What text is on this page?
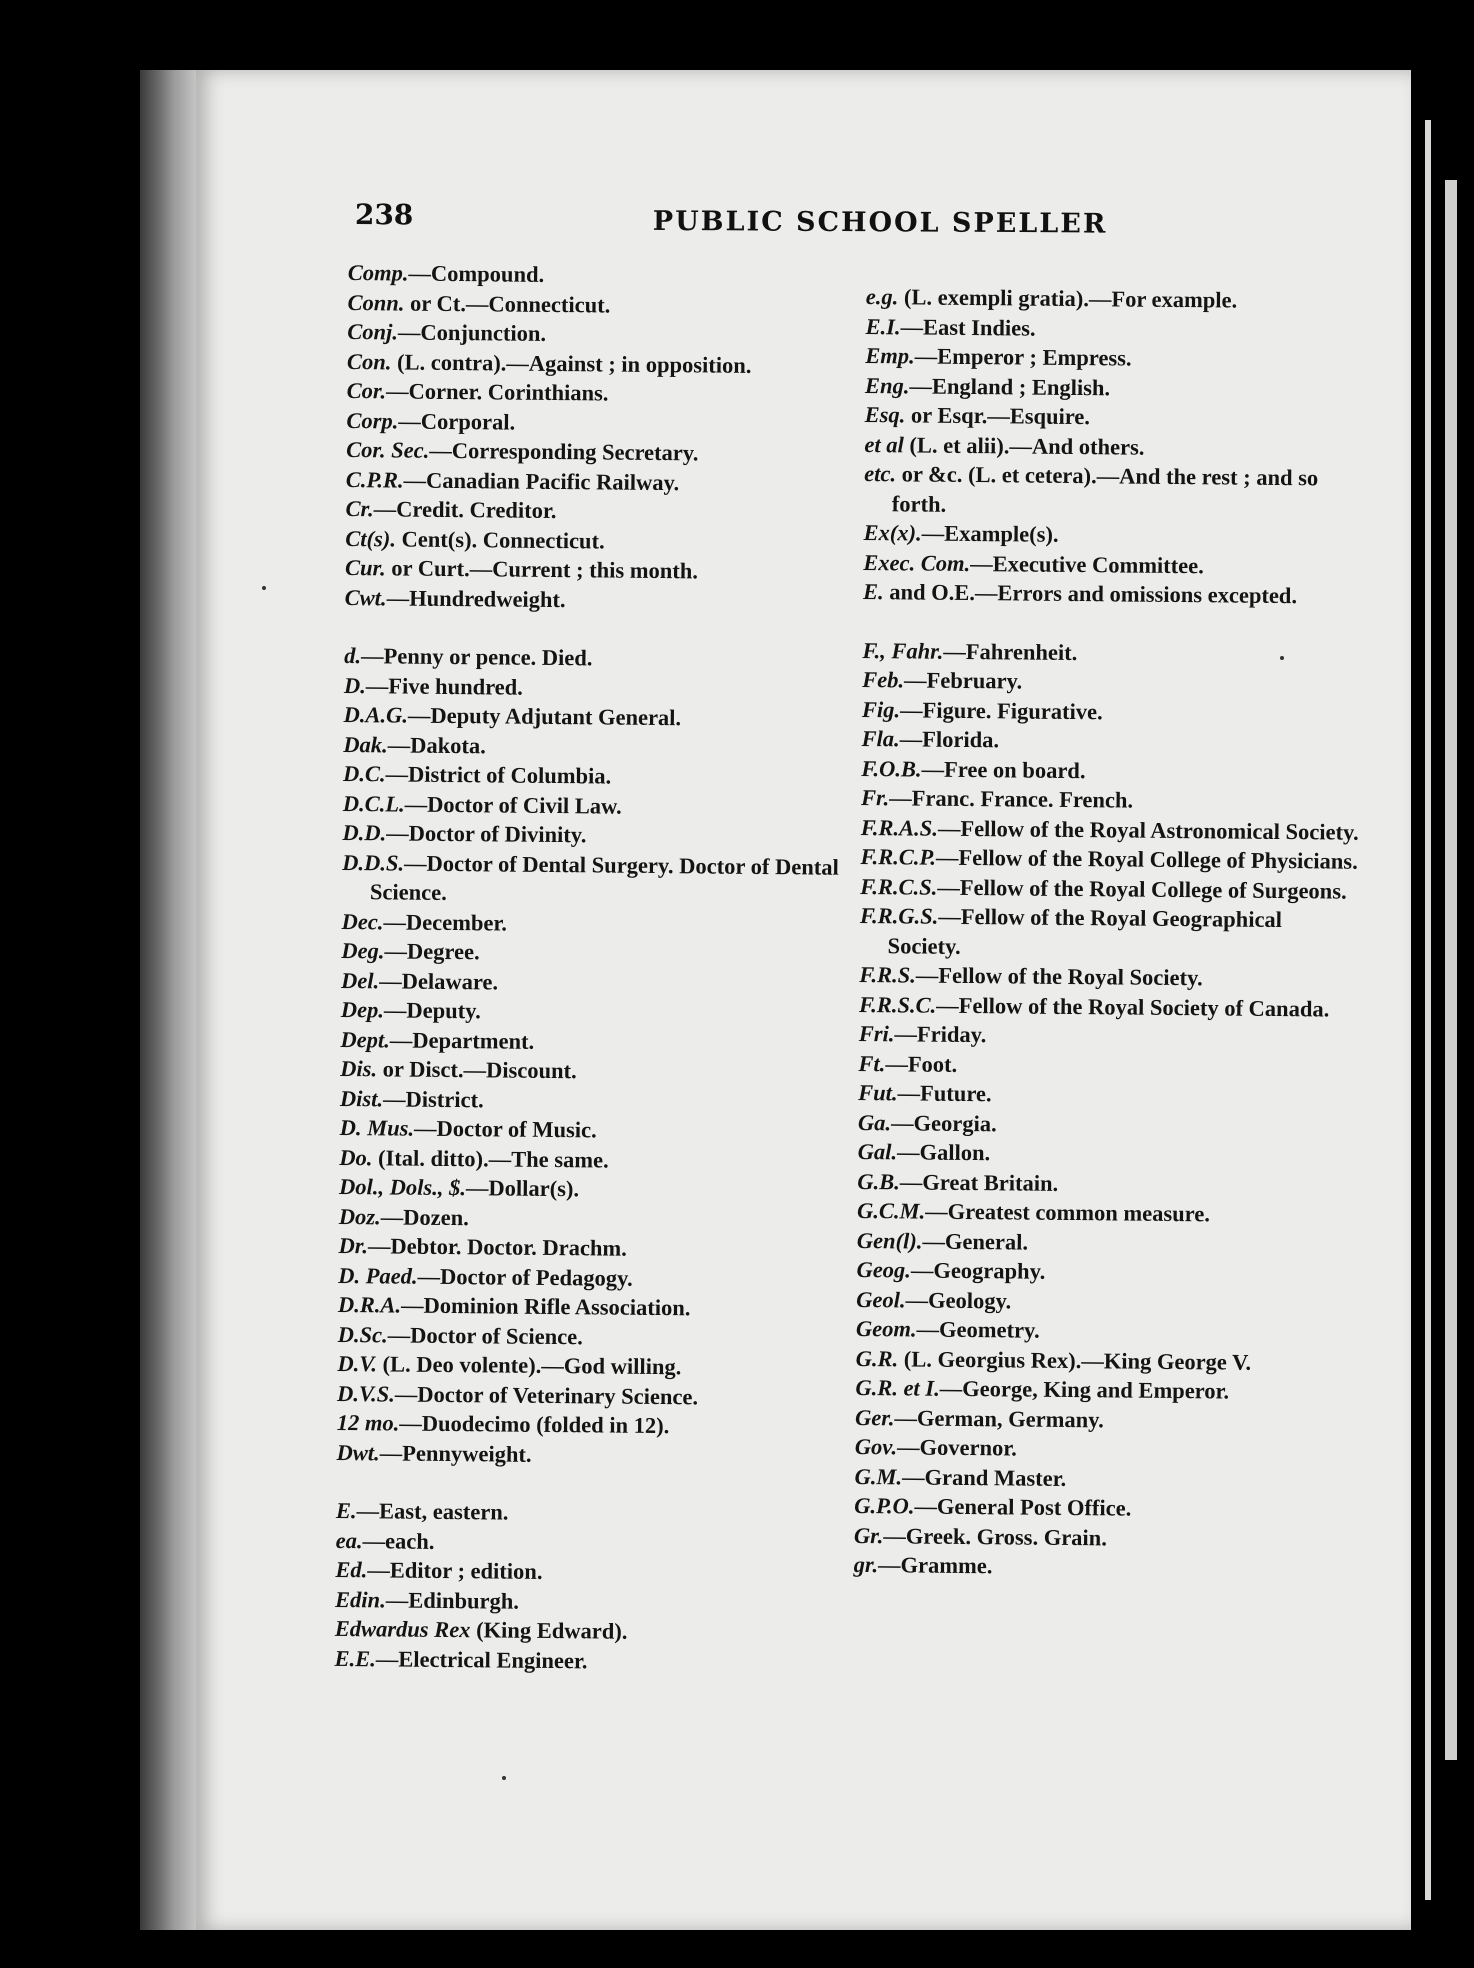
238	PUBLIC SCHOOL SPELLER

Comp.—Compound.

Conn. or Ct.—Connecticut.

Conj.—Conjunction.

Con. (L. contra).—Against ; in opposition.

Cor.—Corner. Corinthians.

Corp.—Corporal.

Cor. Sec.—Corresponding Secretary.

C.P.R.—Canadian Pacific Railway.

Cr.—Credit. Creditor.

Ct(s). Cent(s). Connecticut.

Cur. or Curt.—Current ; this month.

Cwt.—Hundredweight.

d.—Penny or pence. Died.

D.—Five hundred.

D.A.G.—Deputy Adjutant General.

Dak.—Dakota.

D.C.—District of Columbia.

D.C.L.—Doctor of Civil Law.

D.D.—Doctor of Divinity.

D.D.S.—Doctor of Dental Surgery. Doctor of Dental Science.

Dec.—December.

Deg.—Degree.

Del.—Delaware.

Dep.—Deputy.

Dept.—Department.

Dis. or Disct.—Discount.

Dist.—District.

D. Mus.—Doctor of Music.

Do. (Ital. ditto).—The same.

Dol., Dols., $.—Dollar(s).

Doz.—Dozen.

Dr.—Debtor. Doctor. Drachm.

D. Paed.—Doctor of Pedagogy.

D.R.A.—Dominion Rifle Association.

D.Sc.—Doctor of Science.

D.V. (L. Deo volente).—God willing.

D.V.S.—Doctor of Veterinary Science.

12 mo.—Duodecimo (folded in 12).

Dwt.—Pennyweight.

E.—East, eastern.

ea.—each.

Ed.—Editor ; edition.

Edin.—Edinburgh.

Edwardus Rex (King Edward).

E.E.—Electrical Engineer.

e.g. (L. exempli gratia).—For example.

E.I.—East Indies.

Emp.—Emperor ; Empress.

Eng.—England ; English.

Esq. or Esqr.—Esquire.

et al (L. et alii).—And others.

etc. or &c. (L. et cetera).—And the rest ; and so forth.

Ex(x).—Example(s).

Exec. Com.—Executive Committee.

E. and O.E.—Errors and omissions excepted.

F., Fahr.—Fahrenheit.

Feb.—February.

Fig.—Figure. Figurative.

Fla.—Florida.

F.O.B.—Free on board.

Fr.—Franc. France. French.

F.R.A.S.—Fellow of the Royal Astronomical Society.

F.R.C.P.—Fellow of the Royal College of Physicians.

F.R.C.S.—Fellow of the Royal College of Surgeons.

F.R.G.S.—Fellow of the Royal Geographical Society.

F.R.S.—Fellow of the Royal Society.

F.R.S.C.—Fellow of the Royal Society of Canada.

Fri.—Friday.

Ft.—Foot.

Fut.—Future.

Ga.—Georgia.

Gal.—Gallon.

G.B.—Great Britain.

G.C.M.—Greatest common measure.

Gen(l).—General.

Geog.—Geography.

Geol.—Geology.

Geom.—Geometry.

G.R. (L. Georgius Rex).—King George V.

G.R. et I.—George, King and Emperor.

Ger.—German, Germany.

Gov.—Governor.

G.M.—Grand Master.

G.P.O.—General Post Office.

Gr.—Greek. Gross. Grain.

gr.—Gramme.
